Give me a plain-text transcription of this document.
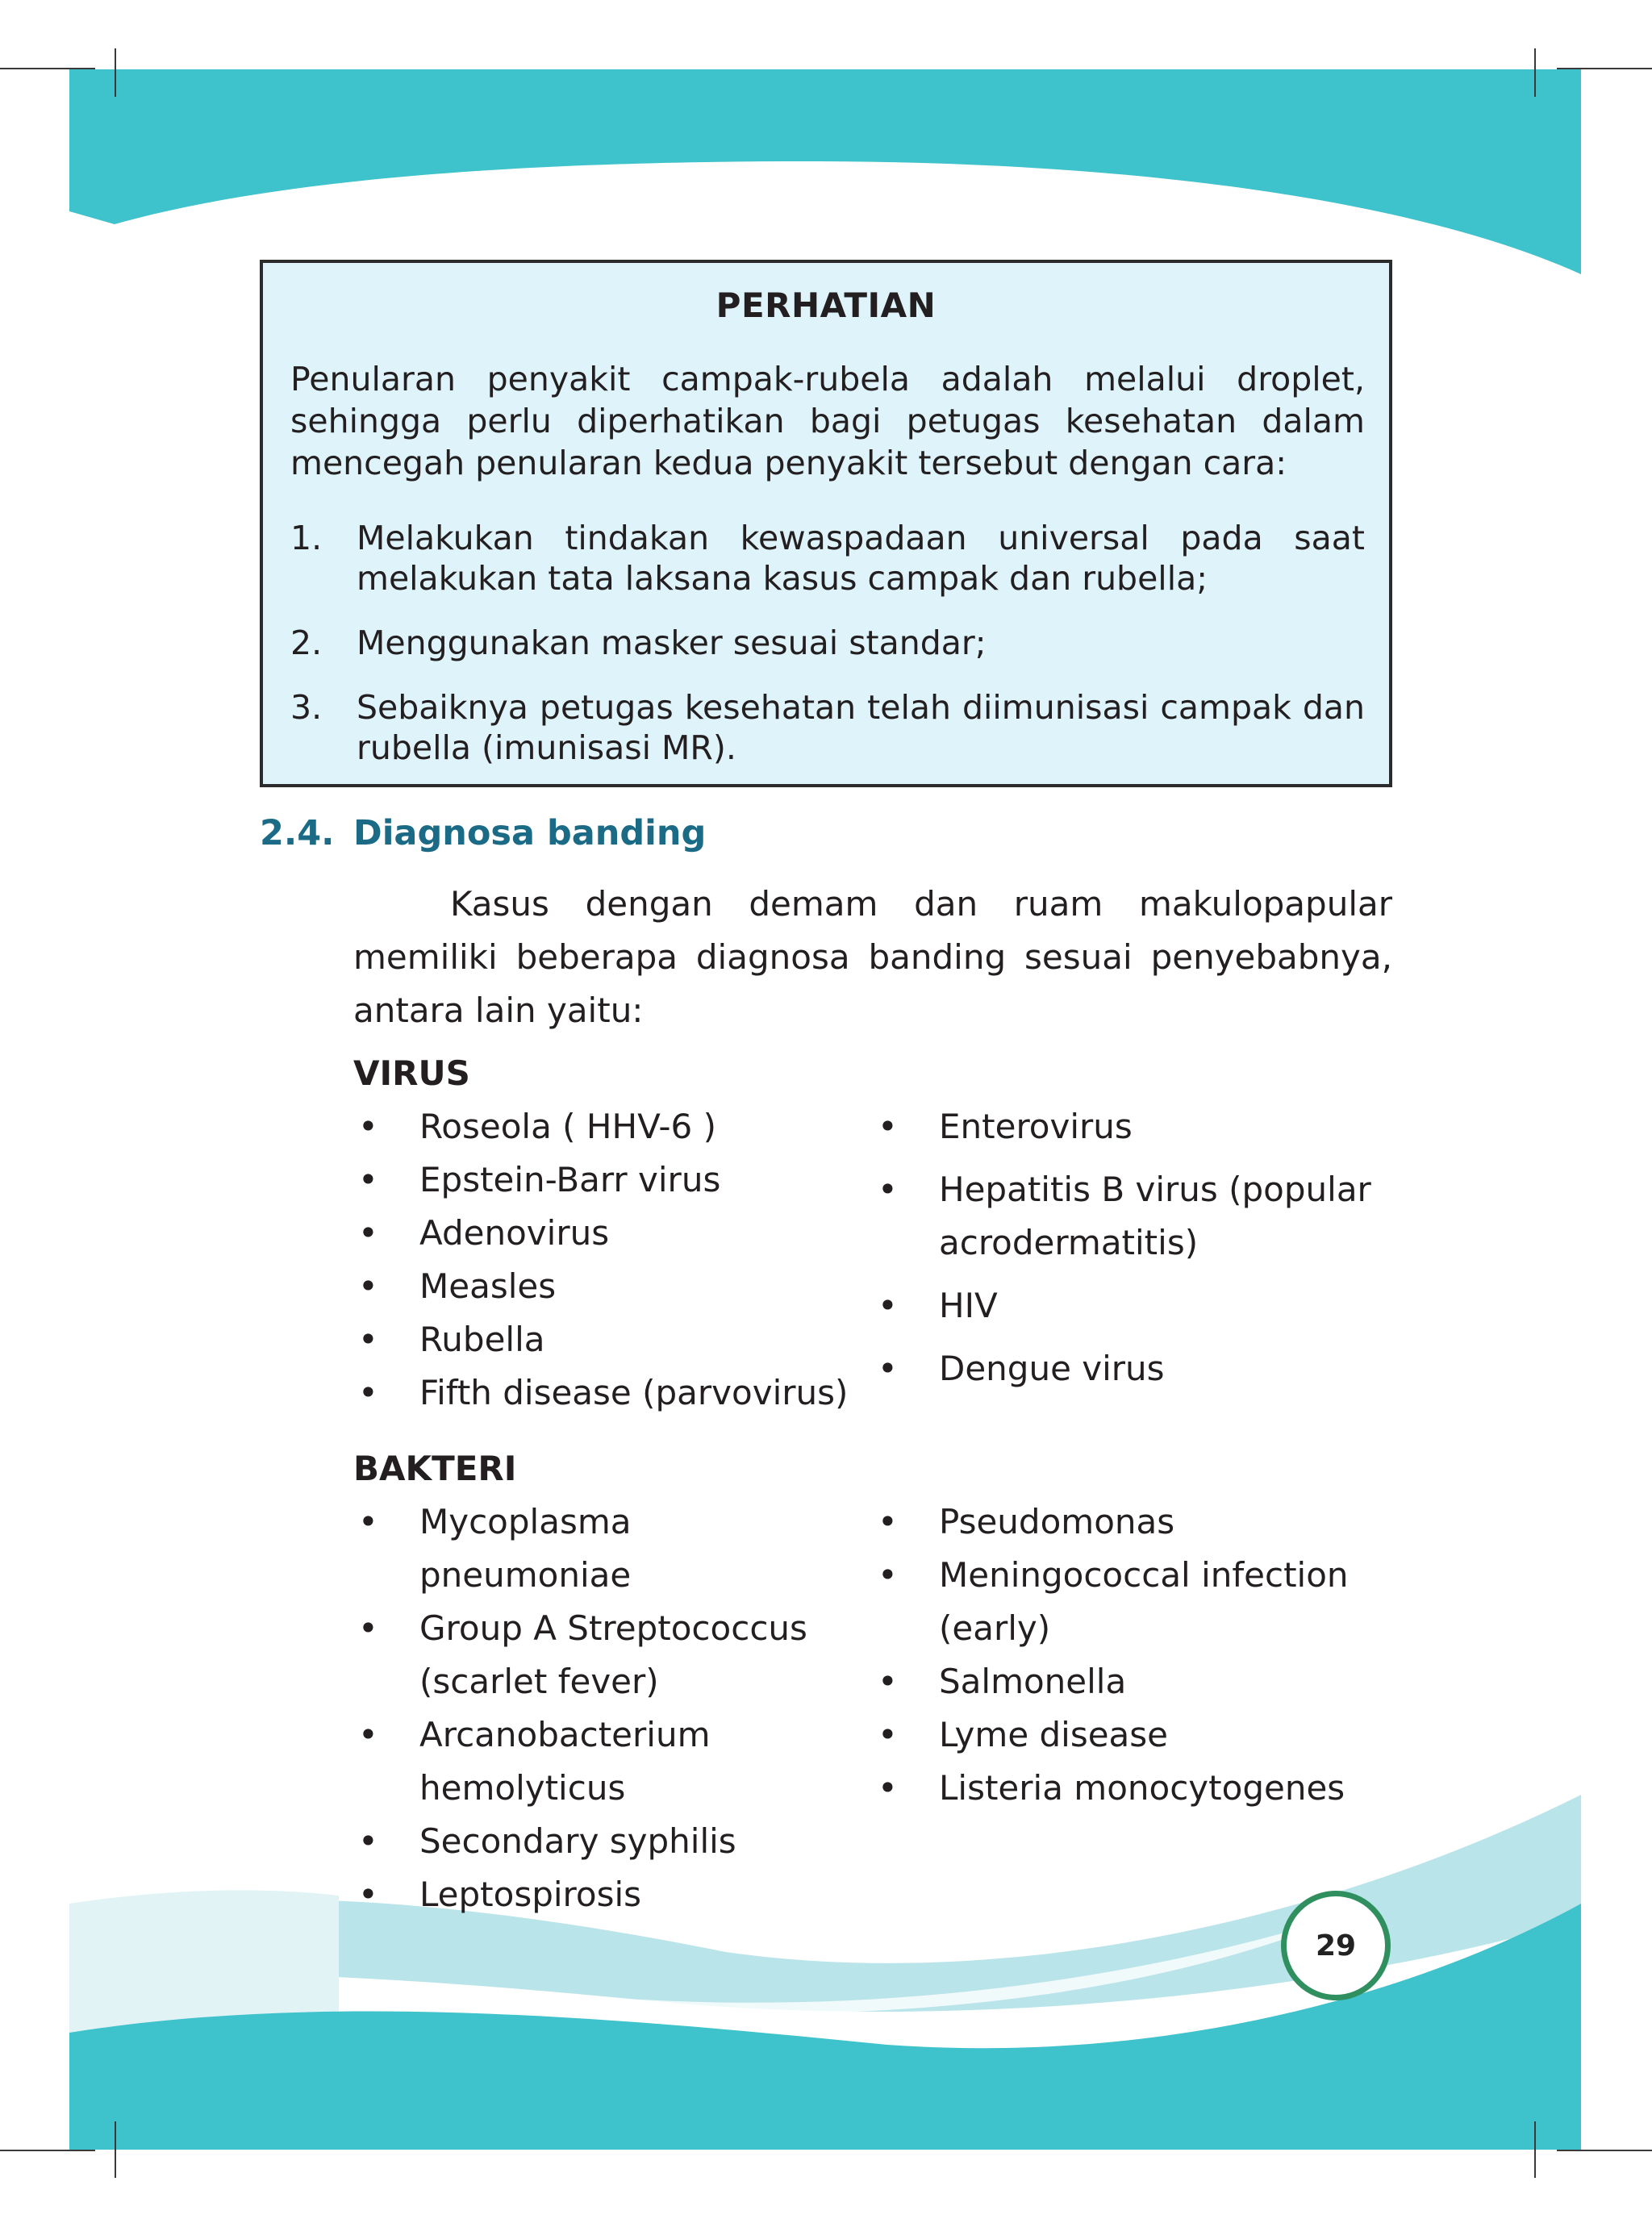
PERHATIAN

Penularan penyakit campak-rubela adalah melalui droplet, sehingga perlu diperhatikan bagi petugas kesehatan dalam mencegah penularan kedua penyakit tersebut dengan cara:

1. Melakukan tindakan kewaspadaan universal pada saat melakukan tata laksana kasus campak dan rubella;
2. Menggunakan masker sesuai standar;
3. Sebaiknya petugas kesehatan telah diimunisasi campak dan rubella (imunisasi MR).
2.4. Diagnosa banding

Kasus dengan demam dan ruam makulopapular memiliki beberapa diagnosa banding sesuai penyebabnya, antara lain yaitu:

VIRUS
• Roseola ( HHV-6 )
• Epstein-Barr virus
• Adenovirus
• Measles
• Rubella
• Fifth disease (parvovirus)
• Enterovirus
• Hepatitis B virus (popular acrodermatitis)
• HIV
• Dengue virus
BAKTERI
• Mycoplasma pneumoniae
• Group A Streptococcus (scarlet fever)
• Arcanobacterium hemolyticus
• Secondary syphilis
• Leptospirosis
• Pseudomonas
• Meningococcal infection (early)
• Salmonella
• Lyme disease
• Listeria monocytogenes
29
